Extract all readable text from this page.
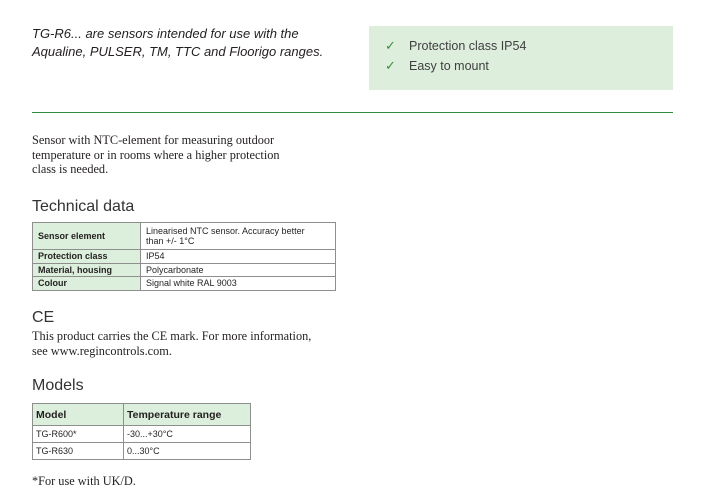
TG-R6... are sensors intended for use with the
Aqualine, PULSER, TM, TTC and Floorigo ranges.	✓ Protection class IP54
✓ Easy to mount
Sensor with NTC-element for measuring outdoor
temperature or in rooms where a higher protection
class is needed.
Technical data
Sensor element	Linearised NTC sensor. Accuracy better
than +/- 1°C

Protection class	IP54
Material, housing	Polycarbonate
Colour	Signal white RAL 9003
CE
This product carries the CE mark. For more information,
see www.regincontrols.com.
Models
Model	Temperature range
TG-R600*	-30...+30°C
TG-R630	0...30°C
*For use with UK/D.
